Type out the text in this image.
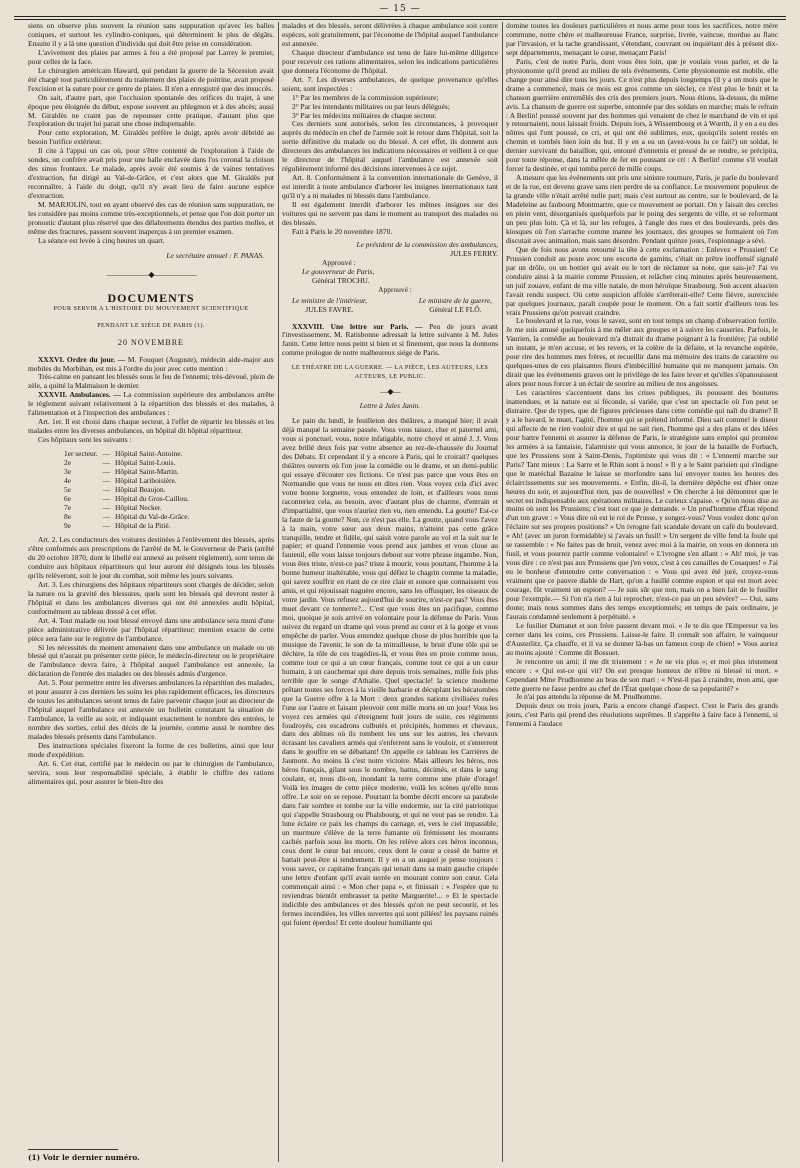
— 15 —

siens on observe plus souvent la réunion sans suppuration qu'avec les balles coniques, et surtout les cylindro-coniques, qui déterminent le plus de dégâts. Ensuite il y a là une question d'individu qui doit être prise en considération.

L'avivement des plaies par armes à feu a été proposé par Larrey le premier, pour celles de la face.

Le chirurgien américain Haward, qui pendant la guerre de la Sécession avait été chargé tout particulièrement du traitement des plaies de poitrine, avait proposé l'excision et la suture pour ce genre de plaies. Il n'en a enregistré que des insuccès.

On sait, d'autre part, que l'occlusion spontanée des orifices du trajet, à une époque peu éloignée du début, expose souvent au phlegmon et à des abcès; aussi M. Giraldès ne craint pas de repousser cette pratique, d'autant plus que l'exploration du trajet lui parait une chose indispensable.

Pour cette exploration, M. Giraldès préfère le doigt, après avoir débridé au besoin l'orifice extérieur.

Il cite à l'appui un cas où, pour s'être contenté de l'exploration à l'aide de sondes, un confrère avait pris pour une balle enclavée dans l'os coronal la cloison des sinus frontaux. Le malade, après avoir été soumis à de vaines tentatives d'extraction, fut dirigé au Val-de-Grâce, et c'est alors que M. Giraldès put reconnaître, à l'aide du doigt, qu'il n'y avait lieu de faire aucune espèce d'extraction.

M. MARJOLIN, tout en ayant observé des cas de réunion sans suppuration, ne les considère pas moins comme très-exceptionnels, et pense que l'on doit porter un pronostic d'autant plus réservé que des délabrements étendus des parties molles, et même des fractures, passent souvent inaperçus à un premier examen.

La séance est levée à cinq heures un quart.

Le secrétaire annuel : F. PANAS.

——————◆——————
DOCUMENTS
POUR SERVIR A L'HISTOIRE DU MOUVEMENT SCIENTIFIQUE
PENDANT LE SIÉGE DE PARIS (1).
20 NOVEMBRE

XXXVI. Ordre du jour. — M. Fouquet (Auguste), médecin aide-major aux mobiles du Morbihan, est mis à l'ordre du jour avec cette mention :

Très-calme en pansant les blessés sous le feu de l'ennemi; très-dévoué, plein de zèle, a quitté la Malmaison le dernier.

XXXVII. Ambulances. — La commission supérieure des ambulances arrête le règlement suivant relativement à la répartition des blessés et des malades, à l'alimentation et à l'inspection des ambulances :

Art. 1er. Il est choisi dans chaque secteur, à l'effet de répartir les blessés et les malades entre les diverses ambulances, un hôpital dit hôpital répartiteur.

Ces hôpitaux sont les suivants :

1er secteur.	—	Hôpital Saint-Antoine.
2e	—	Hôpital Saint-Louis.
3e	—	Hôpital Saint-Martin.
4e	—	Hôpital Lariboisière.
5e	—	Hôpital Beaujon.
6e	—	Hôpital du Gros-Caillou.
7e	—	Hôpital Necker.
8e	—	Hôpital du Val-de-Grâce.
9e	—	Hôpital de la Pitié.

Art. 2. Les conducteurs des voitures destinées à l'enlèvement des blessés, après s'être conformés aux prescriptions de l'arrêté de M. le Gouverneur de Paris (arrêté du 20 octobre 1870, dont le libellé est annexé au présent règlement), sont tenus de conduire aux hôpitaux répartiteurs qui leur auront été désignés tous les blessés qu'ils relèveront, soit le jour du combat, soit même les jours suivants.

Art. 3. Les chirurgiens des hôpitaux répartiteurs sont chargés de décider, selon la nature ou la gravité des blessures, quels sont les blessés qui devront rester à l'hôpital et dans les ambulances diverses qui ont été annexées audit hôpital, conformément au tableau dressé à cet effet.

Art. 4. Tout malade ou tout blessé envoyé dans une ambulance sera muni d'une pièce administrative délivrée par l'hôpital répartiteur; mention exacte de cette pièce sera faite sur le registre de l'ambulance.

Si les nécessités du moment amenaient dans une ambulance un malade ou un blessé qui n'aurait pu présenter cette pièce, le médecin-directeur ou le propriétaire de l'ambulance devra faire, à l'hôpital auquel l'ambulance est annexée, la déclaration de l'entrée des malades ou des blessés admis d'urgence.

Art. 5. Pour permettre entre les diverses ambulances la répartition des malades, et pour assurer à ces derniers les soins les plus rapidement efficaces, les directeurs de toutes les ambulances seront tenus de faire parvenir chaque jour au directeur de l'hôpital auquel l'ambulance est annexée un bulletin constatant la situation de l'ambulance, la veille au soir, et indiquant exactement le nombre des entrées, le nombre des sorties, celui des décès de la journée, comme aussi le nombre des malades blessés présents dans l'ambulance.

Des instructions spéciales fixeront la forme de ces bulletins, ainsi que leur mode d'expédition.

Art. 6. Cet état, certifié par le médecin ou par le chirurgien de l'ambulance, servira, sous leur responsabilité spéciale, à établir le chiffre des rations alimentaires qui, pour assurer le bien-être des

(1) Voir le dernier numéro.

malades et des blessés, seront délivrées à chaque ambulance soit contre espèces, soit gratuitement, par l'économe de l'hôpital auquel l'ambulance est annexée.

Chaque directeur d'ambulance est tenu de faire lui-même diligence pour recevoir ces rations alimentaires, selon les indications particulières que donnera l'économe de l'hôpital.

Art. 7. Les diverses ambulances, de quelque provenance qu'elles soient, sont inspectées :

1° Par les membres de la commission supérieure;

2° Par les intendants militaires ou par leurs délégués;

3° Par les médecins militaires de chaque secteur.

Ces derniers sont autorisés, selon les circonstances, à provoquer auprès du médecin en chef de l'armée soit le retour dans l'hôpital, soit la sortie définitive du malade ou du blessé. A cet effet, ils donnent aux directeurs des ambulances les indications nécessaires et veillent à ce que le directeur de l'hôpital auquel l'ambulance est annexée soit régulièrement informé des décisions intervenues à ce sujet.

Art. 8. Conformément à la convention internationale de Genève, il est interdit à toute ambulance d'arborer les insignes internationaux tant qu'il n'y a ni malades ni blessés dans l'ambulance.

Il est également interdit d'arborer les mêmes insignes sur des voitures qui ne servent pas dans le moment au transport des malades ou des blessés.

Fait à Paris le 20 novembre 1870.

Le président de la commission des ambulances,

JULES FERRY.

Approuvé :

Le gouverneur de Paris,

Général TROCHU.

Approuvé :

Le ministre de l'intérieur,

JULES FAVRE.

Le ministre de la guerre,

Général LE FLÔ.

XXXVIII. Une lettre sur Paris. — Peu de jours avant l'investissement, M. Ratisbonne adressait la lettre suivante à M. Jules Janin. Cette lettre nous peint si bien et si finement, que nous la donnons comme prologue de notre malheureux siége de Paris.

LE THÉATRE DE LA GUERRE. — LA PIÈCE, LES AUTEURS, LES ACTEURS, LE PUBLIC.
—◆—
Lettre à Jules Janin.

Le pain du lundi, le feuilleton des théâtres, a manqué hier; il avait déjà manqué la semaine passée. Vous vous taisez, cher et paternel ami, vous si ponctuel, vous, notre infatigable, notre choyé et aimé J. J. Vous avez brillé deux fois par votre absence au rez-de-chaussée du Journal des Débats. Et cependant il y a encore à Paris, qui le croirait? quelques théâtres ouverts où l'on joue la comédie ou le drame, et un demi-public qui essaye d'écouter ces fictions. Ce n'est pas parce que vous êtes en Normandie que vous ne nous en dites rien. Vous voyez cela d'ici avec votre bonne lorgnette, vous entendez de loin, et d'ailleurs vous nous raconteriez cela, au besoin, avec d'autant plus de charme, d'entrain et d'impartialité, que vous n'auriez rien vu, rien entendu. La goutte? Est-ce la faute de la goutte? Non, ce n'est pas elle. La goutte, quand vous l'avez à la main, votre sœur aux deux mains, n'atteint pas cette grâce tranquille, tendre et fidèle, qui saisit votre parole au vol et la suit sur le papier; et quand l'ennemie vous prend aux jambes et vous cloue au fauteuil, elle vous laisse toujours debout sur votre phrase ingambe. Non, vous êtes triste, n'est-ce pas? triste à mourir, vous pourtant, l'homme à la bonne humeur inaltérable, vous qui défiez le chagrin comme la maladie, qui savez souffrir en riant de ce rire clair et sonore que connaissent vos amis, et qui réjouissait naguère encore, sans les offusquer, les oiseaux de votre jardin. Vous refusez aujourd'hui de sourire, n'est-ce pas? Vous êtes muet devant ce tonnerre?... C'est que vous êtes un pacifique, comme moi, quoique je sois arrivé en volontaire pour la défense de Paris. Vous suivez du regard un drame qui vous prend au cœur et à la gorge et vous empêche de parler. Vous entendez quelque chose de plus horrible que la musique de l'avenir, le son de la mitrailleuse, le bruit d'une tôle qui se déchire, la tôle de ces tragédies-là, et vous êtes en proie comme nous, comme tout ce qui a un cœur français, comme tout ce qui a un cœur humain, à un cauchemar qui dure depuis trois semaines, mille fois plus terrible que le songe d'Athalie. Quel spectacle! la science moderne prêtant toutes ses forces à la vieille barbarie et décuplant les hécatombes que la Guerre offre à la Mort : deux grandes nations civilisées ruées l'une sur l'autre et faisant pleuvoir cent mille morts en un jour! Vous les voyez ces armées qui s'étreignent huit jours de suite, ces régiments foudroyés, ces escadrons culbutés et précipités, hommes et chevaux, dans des abîmes où ils tombent les uns sur les autres, les chevaux écrasant les cavaliers armés qui s'enferrent sans le vouloir, et s'enterrent dans le gouffre en se débattant! On appelle ce tableau les Carrières de Jaumont. Au moins là c'est notre victoire. Mais ailleurs les héros, nos héros français, gilant sous le nombre, battus, décimés, et dans le sang coulant, et, nous dit-on, inondant la terre comme une pluie d'orage! Voilà les images de cette pièce moderne, voilà les scènes qu'elle nous offre. Le soir on se repose. Pourtant la bombe décrit encore sa parabole dans l'air sombre et tombe sur la ville endormie, sur la cité patriotique qui s'appelle Strasbourg ou Phalsbourg, et qui ne veut pas se rendre. La lune éclaire ce paix les champs du carnage, et, vers le ciel impassible, un murmure s'élève de la terre fumante où frémissent les mourants cachés parfois sous les morts. On les relève alors ces héros inconnus, ceux dont le cœur bat encore, ceux dont le cœur a cessé de battre et battait peut-être si tendrement. Il y en a un auquel je pense toujours : vous savez, ce capitaine français qui tenait dans sa main gauche crispée une lettre d'enfant qu'il avait serrée en mourant contre son cœur. Cela commençait ainsi : « Mon cher papa », et finissait : « J'espère que tu reviendras bientôt embrasser ta petite Marguerite!... » Et le spectacle indicible des ambulances et des blessés qu'on ne peut secourir, et les fermes incendiées, les villes ouvertes qui sont pillées! les paysans ruinés qui fuient éperdus! Et cette douleur humiliante qui

domine toutes les douleurs particulières et nous arme pour tous les sacrifices, notre mère commune, notre chère et malheureuse France, surprise, livrée, vaincue, mordue au flanc par l'invasion, et la tache grandissant, s'étendant, couvrant ou inquiétant dès à présent dix-sept départements, menaçant le cœur, menaçant Paris!

Paris, c'est de notre Paris, dont vous êtes loin, que je voulais vous parler, et de la physionomie qu'il prend au milieu de tels événements. Cette physionomie est mobile, elle change pour ainsi dire tous les jours. Ce n'est plus depuis longtemps (il y a un mois que le drame a commencé, mais ce mois est gros comme un siècle), ce n'est plus le bruit et la chanson guerrière entremêlés des cris des premiers jours. Nous étions, là-dessus, du même avis. La chanson de guerre est superbe, entonnée par des soldats en marche; mais le refrain : A Berlin! poussé souvent par des hommes qui venaient de chez le marchand de vin et qui y retournaient, nous laissait froids. Depuis lors, à Wissembourg et à Wœrth, il y en a eu des nôtres qui l'ont poussé, ce cri, et qui ont été sublimes, eux, quoiqu'ils soient restés en chemin et tombés bien loin du but. Il y en a eu un (avez-vous lu ce fait?) un soldat, le dernier survivant du bataillon, qui, entouré d'ennemis et pressé de se rendre, se précipita, pour toute réponse, dans la mêlée de fer en poussant ce cri : A Berlin! comme s'il voulait forcer la destinée, et qui tomba percé de mille coups.

A mesure que les événements ont pris une sinistre tournure, Paris, je parle du boulevard et de la rue, est devenu grave sans rien perdre de sa confiance. Le mouvement populeux de la grande ville n'était arrêté nulle part; mais c'est surtout au centre, sur le boulevard, de la Madeleine au faubourg Montmartre, que ce mouvement se portait. On y faisait des cercles en plein vent, désorganisés quelquefois par le poing des sergents de ville, et se reformant un peu plus loin. Çà et là, sur les refuges, à l'angle des rues et des boulevards, près des kiosques où l'on s'arrache comme manne les journaux, des groupes se formaient où l'on discutait avec animation, mais sans désordre. Pendant quinze jours, l'espionnage a sévi.

Que de fois nous avons retourné la tête à cette exclamation : Enlevez « Prussien! Ce Prussien conduit au poste avec une escorte de gamins, c'était un prêtre inoffensif signalé par un drôle, ou un bottier qui avait eu le tort de réclamer sa note, que sais-je? J'ai vu conduire ainsi à la mairie comme Prussien, et relâcher cinq minutes après heureusement, un juif zouave, enfant de ma ville natale, de mon héroïque Strasbourg. Son accent alsacien l'avait rendu suspect. Où cette suspicion affolée s'arrêterait-elle? Cette fièvre, surexcitée par quelques journaux, paraît coupée pour le moment. On a fait sortir d'ailleurs tous les vrais Prussiens qu'on pouvait craindre.

Le boulevard et la rue, vous le savez, sont en tout temps un champ d'observation fertile. Je me suis amusé quelquefois à me mêler aux groupes et à suivre les causeries. Parfois, le Vaurien, la comédie au boulevard m'a distrait du drame poignant à la frontière; j'ai oublié un instant, je m'en accuse, et les revers, et la colère de la défaite, et la revanche espérée, pour rire des hommes mes frères, et recueillir dans ma mémoire des traits de caractère ou quelques-unes de ces plaisantes fleurs d'imbécillité humaine qui ne manquent jamais. On dirait que les événements graves ont le privilège de les faire lever et qu'elles s'épanouissent alors pour nous forcer à un éclair de sourire au milieu de nos angoisses.

Les caractères s'accentuent dans les crises publiques, ils poussent des boutures inattendues, et la nature est si féconde, si variée, que c'est un spectacle où l'on peut se distraire. Que de types, que de figures précieuses dans cette comédie qui naît du drame? Il y a le bavard, le muet, l'agité, l'homme qui se prétend informé. Dieu sait comme! le diseur qui affecte de ne rien vouloir dire et qui ne sait rien, l'homme qui a des plans et des idées pour battre l'ennemi et assurer la défense de Paris, le stratégiste sans emploi qui promène les armées à sa fantaisie, l'alarmiste qui vous annonce, le jour de la bataille de Forbach, que les Prussiens sont à Saint-Denis, l'optimiste qui vous dit : « L'ennemi marche sur Paris? Tant mieux : La Sarre et le Rhin sont à nous! » Il y a le Saint parisien qui s'indigne que le maréchal Bazaine le laisse se morfondre sans lui envoyer toutes les heures des éclaircissements sur ses mouvements. « Enfin, dit-il, la dernière dépêche est d'hier onze heures du soir, et aujourd'hui rien, pas de nouvelles! » On cherche à lui démontrer que le secret est indispensable aux opérations militaires. Le curieux s'apaise. « Qu'on nous dise au moins où sont les Prussiens; c'est tout ce que je demande. » Un prud'homme d'État répond d'un ton grave : « Vous dire où est le roi de Prusse, y songez-vous? Vous voulez donc qu'on l'éclaire sur ses propres positions? » Un ivrogne fait scandale devant un café du boulevard. « Ah! (avec un juron formidable) si j'avais un fusil! » Un sergent de ville fend la foule qui se rassemble : « Ne faites pas de bruit, venez avec moi à la mairie, on vous en donnera un fusil, et vous pourrez partir comme volontaire! » L'ivrogne s'en allant : « Ah! moi, je vas vous dire : ce n'est pas aux Prussiens que j'en veux, c'est à ces canailles de Cosaques! » J'ai eu le bonheur d'entendre cette conversation : « Vous qui avez été juré, croyez-vous vraiment que ce pauvre diable de Hart, qu'on a fusillé comme espion et qui est mort avec courage, fût vraiment un espion? — Je suis sûr que non, mais on a bien fait de le fusiller pour l'exemple.— Si l'on n'a rien à lui reprocher, n'est-ce pas un peu sévère? — Oui, sans doute; mais nous sommes dans des temps exceptionnels; en temps de paix ordinaire, je l'aurais condamné seulement à perpétuité. »

Le fusilier Dumanet et son frère passent devant moi. « Je te dis que l'Empereur va les cerner dans les coins, ces Prussiens. Laisse-le faire. Il connaît son affaire, le vainqueur d'Austerlitz. Ça chauffe, et il va se donner là-bas un fameux coup de chien! » Vous auriez au moins ajouté : Comme dit Bossuet.

Je rencontre un ami; il me dit tristement : « Je ne vis plus »; et moi plus tristement encore : « Qui est-ce qui vit? On est presque honteux de n'être ni blessé ni mort. » Cependant Mme Prudhomme au bras de son mari : « N'est-il pas à craindre, mon ami, que cette guerre ne fasse perdre au chef de l'État quelque chose de sa popularité? »

Je n'ai pas attendu la réponse de M. Prudhomme.

Depuis deux ou trois jours, Paris a encore changé d'aspect. C'est le Paris des grands jours, c'est Paris qui prend des résolutions suprêmes. Il s'apprête à faire face à l'ennemi, si l'ennemi à l'audace
